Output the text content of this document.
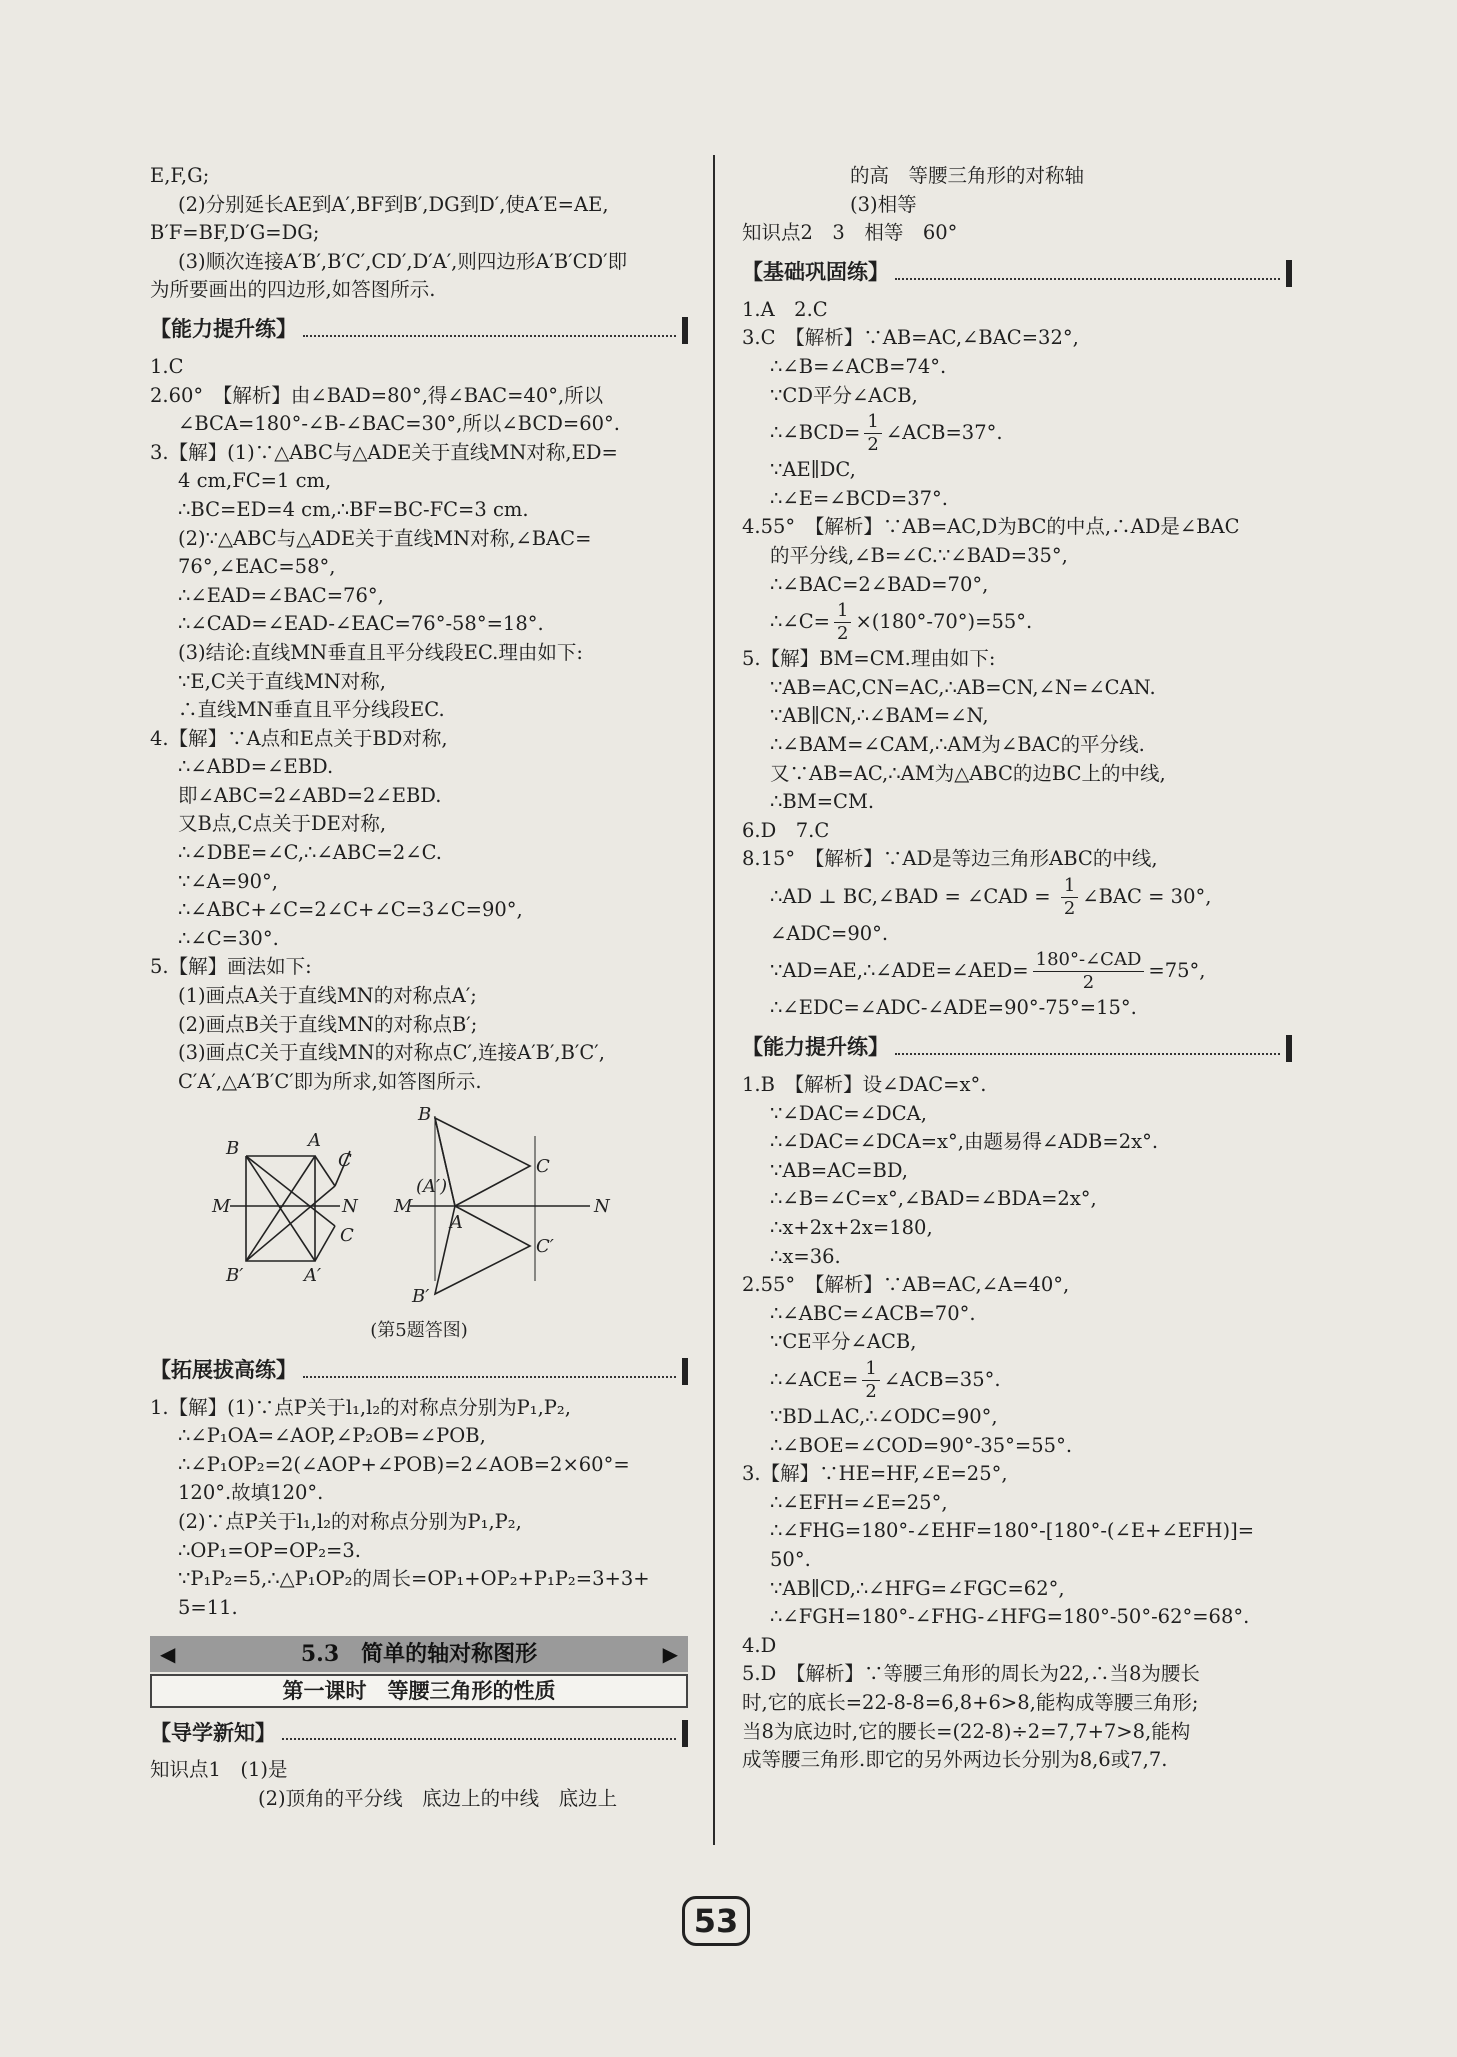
E,F,G;
(2)分别延长AE到A′,BF到B′,DG到D′,使A′E=AE,
B′F=BF,D′G=DG;
(3)顺次连接A′B′,B′C′,CD′,D′A′,则四边形A′B′CD′即
为所要画出的四边形,如答图所示.
【能力提升练】
1.C
2.60°　【解析】由∠BAD=80°,得∠BAC=40°,所以
∠BCA=180°-∠B-∠BAC=30°,所以∠BCD=60°.
3.【解】(1)∵△ABC与△ADE关于直线MN对称,ED=
4 cm,FC=1 cm,
∴BC=ED=4 cm,∴BF=BC-FC=3 cm.
(2)∵△ABC与△ADE关于直线MN对称,∠BAC=
76°,∠EAC=58°,
∴∠EAD=∠BAC=76°,
∴∠CAD=∠EAD-∠EAC=76°-58°=18°.
(3)结论:直线MN垂直且平分线段EC.理由如下:
∵E,C关于直线MN对称,
∴直线MN垂直且平分线段EC.
4.【解】∵A点和E点关于BD对称,
∴∠ABD=∠EBD.
即∠ABC=2∠ABD=2∠EBD.
又B点,C点关于DE对称,
∴∠DBE=∠C,∴∠ABC=2∠C.
∵∠A=90°,
∴∠ABC+∠C=2∠C+∠C=3∠C=90°,
∴∠C=30°.
5.【解】画法如下:
(1)画点A关于直线MN的对称点A′;
(2)画点B关于直线MN的对称点B′;
(3)画点C关于直线MN的对称点C′,连接A′B′,B′C′,
C′A′,△A′B′C′即为所求,如答图所示.
B	A
C
M	N
C
B′	A′
B
C
(A′)
A
M	N
C′
B′
(第5题答图)
【拓展拔高练】
1.【解】(1)∵点P关于l₁,l₂的对称点分别为P₁,P₂,
∴∠P₁OA=∠AOP,∠P₂OB=∠POB,
∴∠P₁OP₂=2(∠AOP+∠POB)=2∠AOB=2×60°=
120°.故填120°.
(2)∵点P关于l₁,l₂的对称点分别为P₁,P₂,
∴OP₁=OP=OP₂=3.
∵P₁P₂=5,∴△P₁OP₂的周长=OP₁+OP₂+P₁P₂=3+3+
5=11.
◀	5.3　简单的轴对称图形	▶
第一课时　等腰三角形的性质
【导学新知】
知识点1　(1)是
(2)顶角的平分线　底边上的中线　底边上
的高　等腰三角形的对称轴
(3)相等
知识点2　3　相等　60°
【基础巩固练】
1.A　2.C
3.C　【解析】∵AB=AC,∠BAC=32°,
∴∠B=∠ACB=74°.
∵CD平分∠ACB,
∴∠BCD= $\frac{1}{2}$ ∠ACB=37°.
∵AE∥DC,
∴∠E=∠BCD=37°.
4.55°　【解析】∵AB=AC,D为BC的中点,∴AD是∠BAC
的平分线,∠B=∠C.∵∠BAD=35°,
∴∠BAC=2∠BAD=70°,
∴∠C= $\frac{1}{2} \times(180^\circ-70^\circ)=55^\circ$.
5.【解】BM=CM.理由如下:
∵AB=AC,CN=AC,∴AB=CN,∠N=∠CAN.
∵AB∥CN,∴∠BAM=∠N,
∴∠BAM=∠CAM,∴AM为∠BAC的平分线.
又∵AB=AC,∴AM为△ABC的边BC上的中线,
∴BM=CM.
6.D　7.C
8.15°　【解析】∵AD是等边三角形ABC的中线,
∴AD ⊥ BC,∠BAD = ∠CAD = $\frac{1}{2}$ ∠BAC = 30°,
∠ADC=90°.
∵AD=AE,∴∠ADE=∠AED= $\frac{\text{180°-∠CAD}}{2} =75^\circ$,
∴∠EDC=∠ADC-∠ADE=90°-75°=15°.
【能力提升练】
1.B　【解析】设∠DAC=x°.
∵∠DAC=∠DCA,
∴∠DAC=∠DCA=x°,由题易得∠ADB=2x°.
∵AB=AC=BD,
∴∠B=∠C=x°,∠BAD=∠BDA=2x°,
∴x+2x+2x=180,
∴x=36.
2.55°　【解析】∵AB=AC,∠A=40°,
∴∠ABC=∠ACB=70°.
∵CE平分∠ACB,
∴∠ACE= $\frac{1}{2}$ ∠ACB=35°.
∵BD⊥AC,∴∠ODC=90°,
∴∠BOE=∠COD=90°-35°=55°.
3.【解】∵HE=HF,∠E=25°,
∴∠EFH=∠E=25°,
∴∠FHG=180°-∠EHF=180°-[180°-(∠E+∠EFH)]=
50°.
∵AB∥CD,∴∠HFG=∠FGC=62°,
∴∠FGH=180°-∠FHG-∠HFG=180°-50°-62°=68°.
4.D
5.D　【解析】∵等腰三角形的周长为22,∴当8为腰长
时,它的底长=22-8-8=6,8+6>8,能构成等腰三角形;
当8为底边时,它的腰长=(22-8)÷2=7,7+7>8,能构
成等腰三角形.即它的另外两边长分别为8,6或7,7.
53
